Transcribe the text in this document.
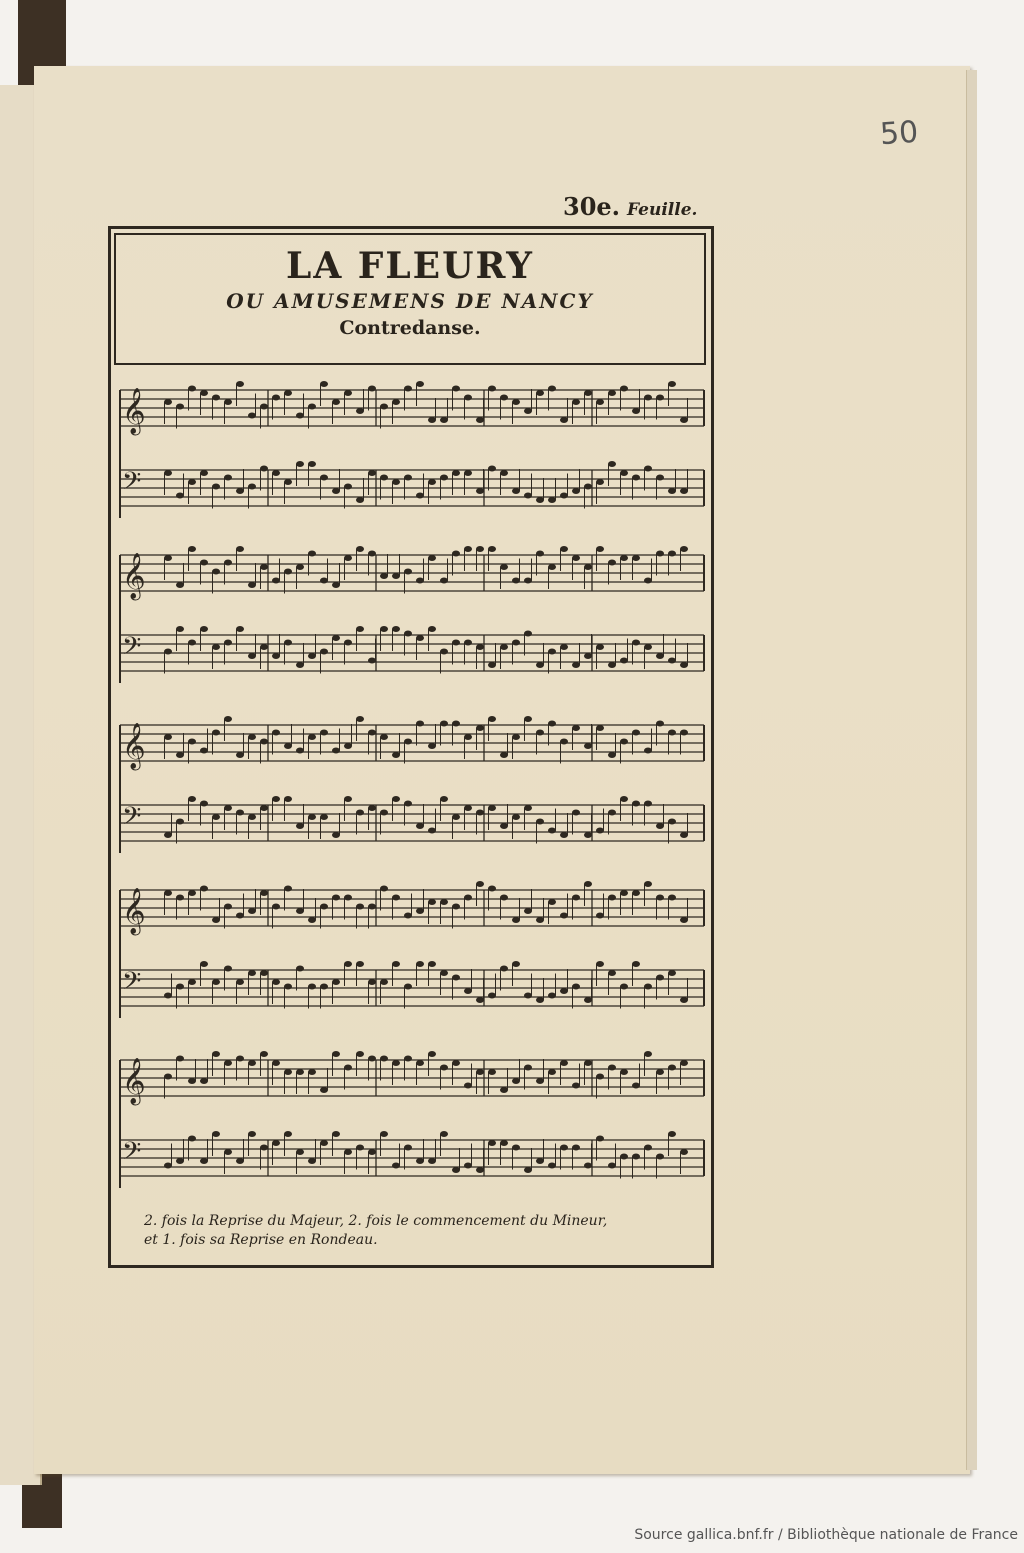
50
30e. Feuille.
LA FLEURY
OU AMUSEMENS DE NANCY
Contredanse.
𝄞
𝄢
𝄞
𝄢
𝄞
𝄢
𝄞
𝄢
𝄞
𝄢
2. fois la Reprise du Majeur, 2. fois le commencement du Mineur,
et 1. fois sa Reprise en Rondeau.
Source gallica.bnf.fr / Bibliothèque nationale de France
